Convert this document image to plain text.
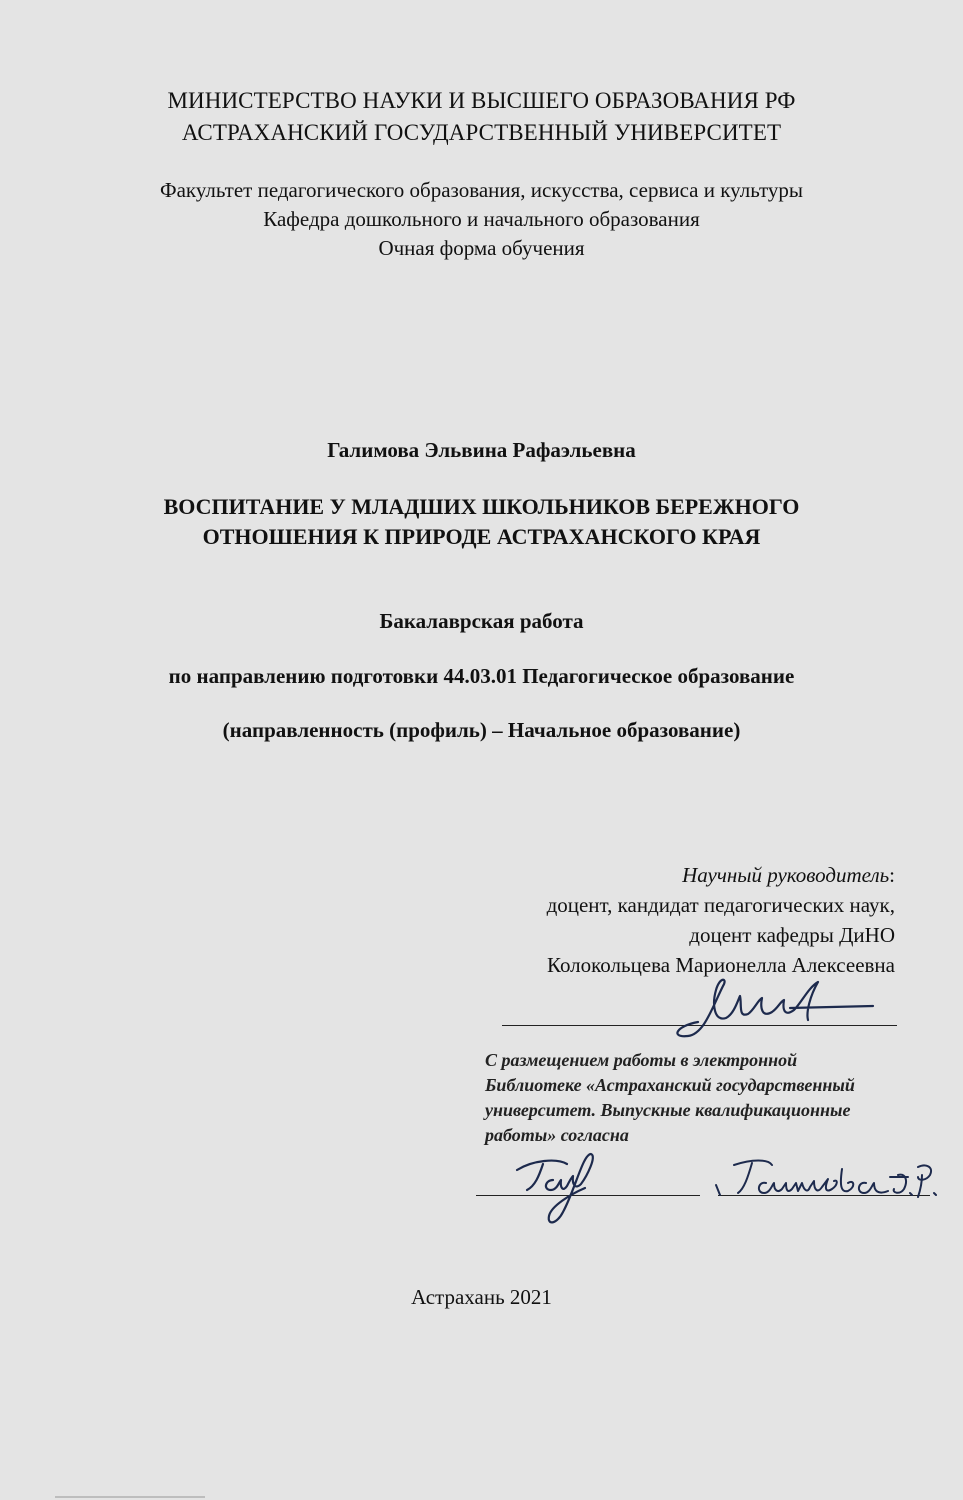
МИНИСТЕРСТВО НАУКИ И ВЫСШЕГО ОБРАЗОВАНИЯ РФ
АСТРАХАНСКИЙ ГОСУДАРСТВЕННЫЙ УНИВЕРСИТЕТ
Факультет педагогического образования, искусства, сервиса и культуры
Кафедра дошкольного и начального образования
Очная форма обучения
Галимова Эльвина Рафаэльевна
ВОСПИТАНИЕ У МЛАДШИХ ШКОЛЬНИКОВ БЕРЕЖНОГО
ОТНОШЕНИЯ К ПРИРОДЕ АСТРАХАНСКОГО КРАЯ
Бакалаврская работа
по направлению подготовки 44.03.01 Педагогическое образование
(направленность (профиль) – Начальное образование)
Научный руководитель:
доцент, кандидат педагогических наук,
доцент кафедры ДиНО
Колокольцева Марионелла Алексеевна
С размещением работы в электронной
Библиотеке «Астраханский государственный
университет. Выпускные квалификационные
работы» согласна
Астрахань 2021
